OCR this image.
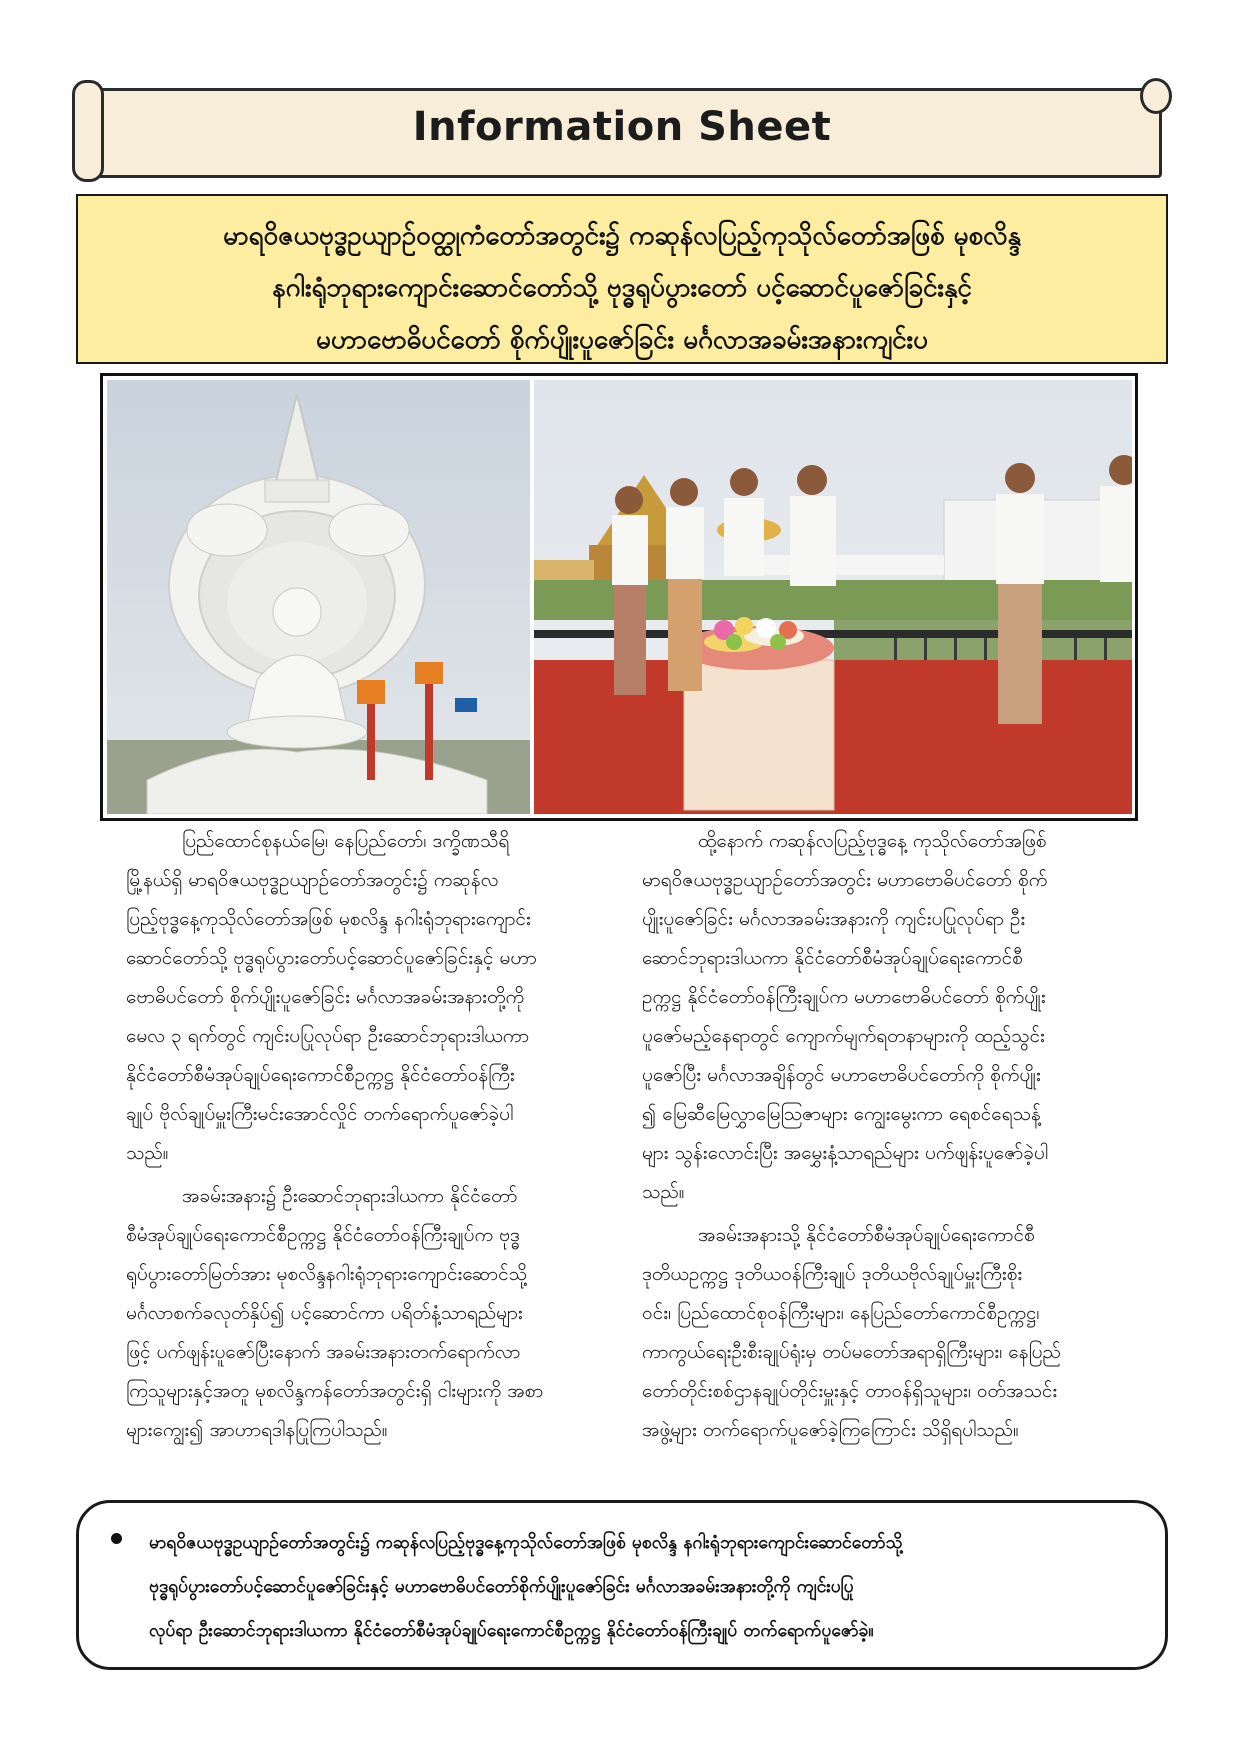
Information Sheet
မာရဝိဇယဗုဒ္ဓဥယျာဉ်ဝတ္ထုကံတော်အတွင်း၌ ကဆုန်လပြည့်ကုသိုလ်တော်အဖြစ် မုစလိန္ဒ
နဂါးရုံဘုရားကျောင်းဆောင်တော်သို့ ဗုဒ္ဓရုပ်ပွားတော် ပင့်ဆောင်ပူဇော်ခြင်းနှင့်
မဟာဗောဓိပင်တော် စိုက်ပျိုးပူဇော်ခြင်း မင်္ဂလာအခမ်းအနားကျင်းပ

ပြည်ထောင်စုနယ်မြေ၊ နေပြည်တော်၊ ဒက္ခိဏသီရိ
မြို့နယ်ရှိ မာရဝိဇယဗုဒ္ဓဥယျာဉ်တော်အတွင်း၌ ကဆုန်လ
ပြည့်ဗုဒ္ဓနေ့ကုသိုလ်တော်အဖြစ် မုစလိန္ဒ နဂါးရုံဘုရားကျောင်း
ဆောင်တော်သို့ ဗုဒ္ဓရုပ်ပွားတော်ပင့်ဆောင်ပူဇော်ခြင်းနှင့် မဟာ
ဗောဓိပင်တော် စိုက်ပျိုးပူဇော်ခြင်း မင်္ဂလာအခမ်းအနားတို့ကို
မေလ ၃ ရက်တွင် ကျင်းပပြုလုပ်ရာ ဦးဆောင်ဘုရားဒါယကာ
နိုင်ငံတော်စီမံအုပ်ချုပ်ရေးကောင်စီဥက္ကဋ္ဌ နိုင်ငံတော်ဝန်ကြီး
ချုပ် ဗိုလ်ချုပ်မှူးကြီးမင်းအောင်လှိုင် တက်ရောက်ပူဇော်ခဲ့ပါ
သည်။

အခမ်းအနား၌ ဦးဆောင်ဘုရားဒါယကာ နိုင်ငံတော်
စီမံအုပ်ချုပ်ရေးကောင်စီဥက္ကဋ္ဌ နိုင်ငံတော်ဝန်ကြီးချုပ်က ဗုဒ္ဓ
ရုပ်ပွားတော်မြတ်အား မုစလိန္ဒနဂါးရုံဘုရားကျောင်းဆောင်သို့
မင်္ဂလာစက်ခလုတ်နှိပ်၍ ပင့်ဆောင်ကာ ပရိတ်နံ့သာရည်များ
ဖြင့် ပက်ဖျန်းပူဇော်ပြီးနောက် အခမ်းအနားတက်ရောက်လာ
ကြသူများနှင့်အတူ မုစလိန္ဒကန်တော်အတွင်းရှိ ငါးများကို အစာ
များကျွေး၍ အာဟာရဒါနပြုကြပါသည်။

ထို့နောက် ကဆုန်လပြည့်ဗုဒ္ဓနေ့ ကုသိုလ်တော်အဖြစ်
မာရဝိဇယဗုဒ္ဓဥယျာဉ်တော်အတွင်း မဟာဗောဓိပင်တော် စိုက်
ပျိုးပူဇော်ခြင်း မင်္ဂလာအခမ်းအနားကို ကျင်းပပြုလုပ်ရာ ဦး
ဆောင်ဘုရားဒါယကာ နိုင်ငံတော်စီမံအုပ်ချုပ်ရေးကောင်စီ
ဥက္ကဋ္ဌ နိုင်ငံတော်ဝန်ကြီးချုပ်က မဟာဗောဓိပင်တော် စိုက်ပျိုး
ပူဇော်မည့်နေရာတွင် ကျောက်မျက်ရတနာများကို ထည့်သွင်း
ပူဇော်ပြီး မင်္ဂလာအချိန်တွင် မဟာဗောဓိပင်တော်ကို စိုက်ပျိုး
၍ မြေဆီမြေလွှာမြေဩဇာများ ကျွေးမွေးကာ ရေစင်ရေသန့်
များ သွန်းလောင်းပြီး အမွှေးနံ့သာရည်များ ပက်ဖျန်းပူဇော်ခဲ့ပါ
သည်။

အခမ်းအနားသို့ နိုင်ငံတော်စီမံအုပ်ချုပ်ရေးကောင်စီ
ဒုတိယဥက္ကဋ္ဌ ဒုတိယဝန်ကြီးချုပ် ဒုတိယဗိုလ်ချုပ်မှူးကြီးစိုး
ဝင်း၊ ပြည်ထောင်စုဝန်ကြီးများ၊ နေပြည်တော်ကောင်စီဥက္ကဋ္ဌ၊
ကာကွယ်ရေးဦးစီးချုပ်ရုံးမှ တပ်မတော်အရာရှိကြီးများ၊ နေပြည်
တော်တိုင်းစစ်ဌာနချုပ်တိုင်းမှူးနှင့် တာဝန်ရှိသူများ၊ ဝတ်အသင်း
အဖွဲ့များ တက်ရောက်ပူဇော်ခဲ့ကြကြောင်း သိရှိရပါသည်။

မာရဝိဇယဗုဒ္ဓဥယျာဉ်တော်အတွင်း၌ ကဆုန်လပြည့်ဗုဒ္ဓနေ့ကုသိုလ်တော်အဖြစ် မုစလိန္ဒ နဂါးရုံဘုရားကျောင်းဆောင်တော်သို့
ဗုဒ္ဓရုပ်ပွားတော်ပင့်ဆောင်ပူဇော်ခြင်းနှင့် မဟာဗောဓိပင်တော်စိုက်ပျိုးပူဇော်ခြင်း မင်္ဂလာအခမ်းအနားတို့ကို ကျင်းပပြု
လုပ်ရာ ဦးဆောင်ဘုရားဒါယကာ နိုင်ငံတော်စီမံအုပ်ချုပ်ရေးကောင်စီဥက္ကဋ္ဌ နိုင်ငံတော်ဝန်ကြီးချုပ် တက်ရောက်ပူဇော်ခဲ့။
